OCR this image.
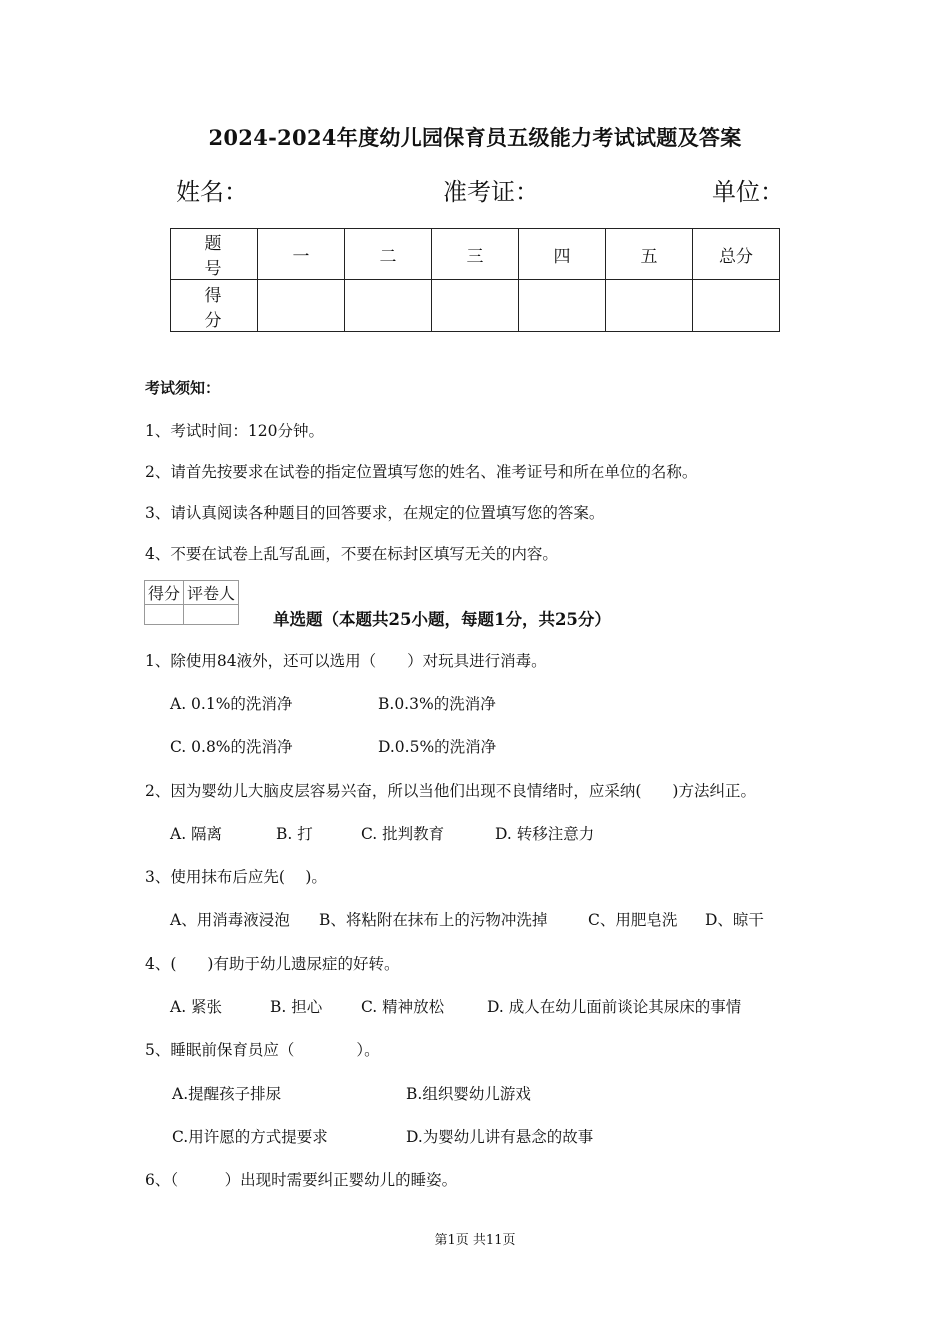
2024-2024年度幼儿园保育员五级能力考试试题及答案
姓名：	准考证：	单位：
题 号	一	二	三	四	五	总分
得 分						
考试须知：
1、考试时间：120分钟。
2、请首先按要求在试卷的指定位置填写您的姓名、准考证号和所在单位的名称。
3、请认真阅读各种题目的回答要求，在规定的位置填写您的答案。
4、不要在试卷上乱写乱画，不要在标封区填写无关的内容。
得分	评卷人

单选题（本题共25小题，每题1分，共25分）
1、除使用84液外，还可以选用（　　）对玩具进行消毒。
A. 0.1%的洗消净	B.0.3%的洗消净
C. 0.8%的洗消净	D.0.5%的洗消净
2、因为婴幼儿大脑皮层容易兴奋，所以当他们出现不良情绪时，应采纳(　　)方法纠正。
A. 隔离	B. 打	C. 批判教育	D. 转移注意力
3、使用抹布后应先(　 )。
A、用消毒液浸泡 B、将粘附在抹布上的污物冲洗掉	C、用肥皂洗 D、晾干
4、(　　)有助于幼儿遗尿症的好转。
A. 紧张	B. 担心	C. 精神放松	D. 成人在幼儿面前谈论其尿床的事情
5、睡眠前保育员应（　　　　）。
A.提醒孩子排尿	B.组织婴幼儿游戏
C.用许愿的方式提要求	D.为婴幼儿讲有悬念的故事
6、（　　　）出现时需要纠正婴幼儿的睡姿。
第1页 共11页
